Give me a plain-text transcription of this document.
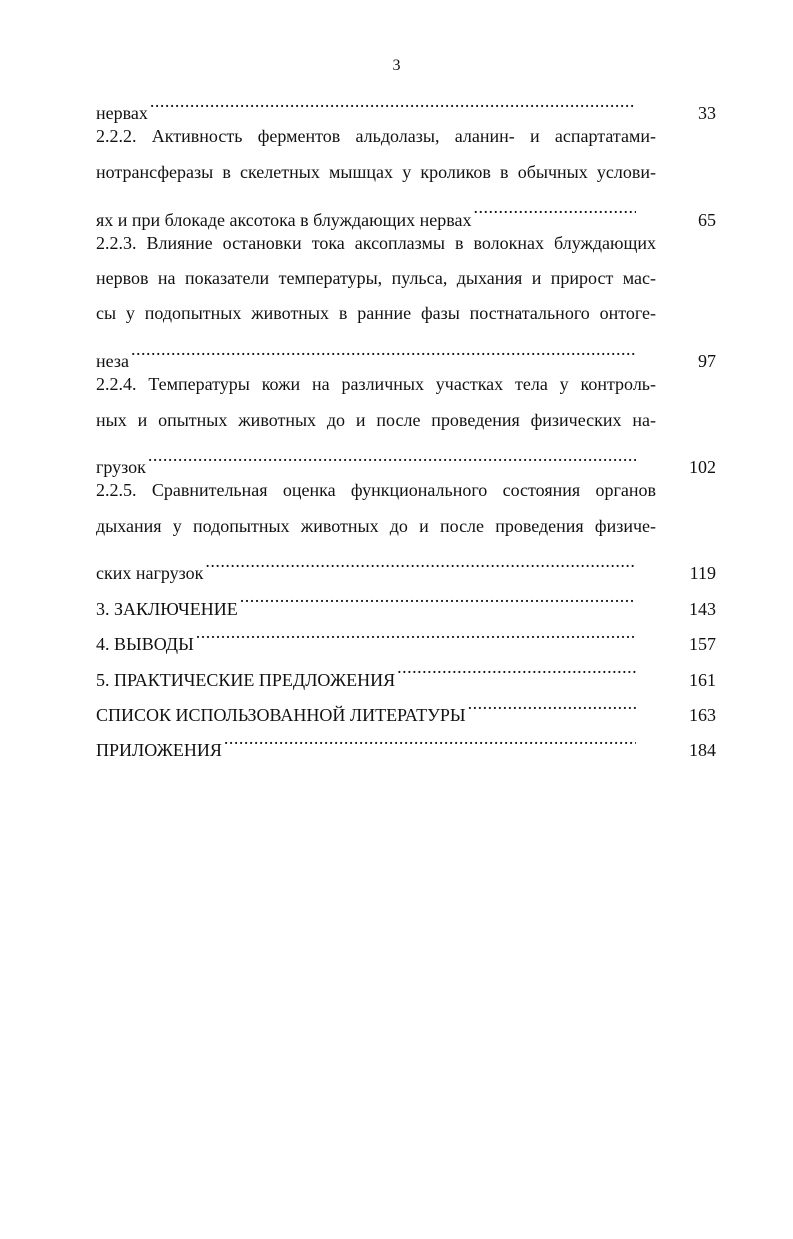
3
нервах .....	33
2.2.2. Активность ферментов альдолазы, аланин- и аспартатами-
нотрансферазы в скелетных мышцах у кроликов в обычных услови-
ях и при блокаде аксотока в блуждающих нервах .....	65
2.2.3. Влияние остановки тока аксоплазмы в волокнах блуждающих
нервов на показатели температуры, пульса, дыхания и прирост мас-
сы у подопытных животных в ранние фазы постнатального онтоге-
неза .....	97
2.2.4. Температуры кожи на различных участках тела у контроль-
ных и опытных животных до и после проведения физических на-
грузок .....	102
2.2.5. Сравнительная оценка функционального состояния органов
дыхания у подопытных животных до и после проведения физиче-
ских нагрузок .....	119
3. ЗАКЛЮЧЕНИЕ .....	143
4. ВЫВОДЫ .....	157
5. ПРАКТИЧЕСКИЕ ПРЕДЛОЖЕНИЯ .....	161
СПИСОК ИСПОЛЬЗОВАННОЙ ЛИТЕРАТУРЫ .....	163
ПРИЛОЖЕНИЯ .....	184
